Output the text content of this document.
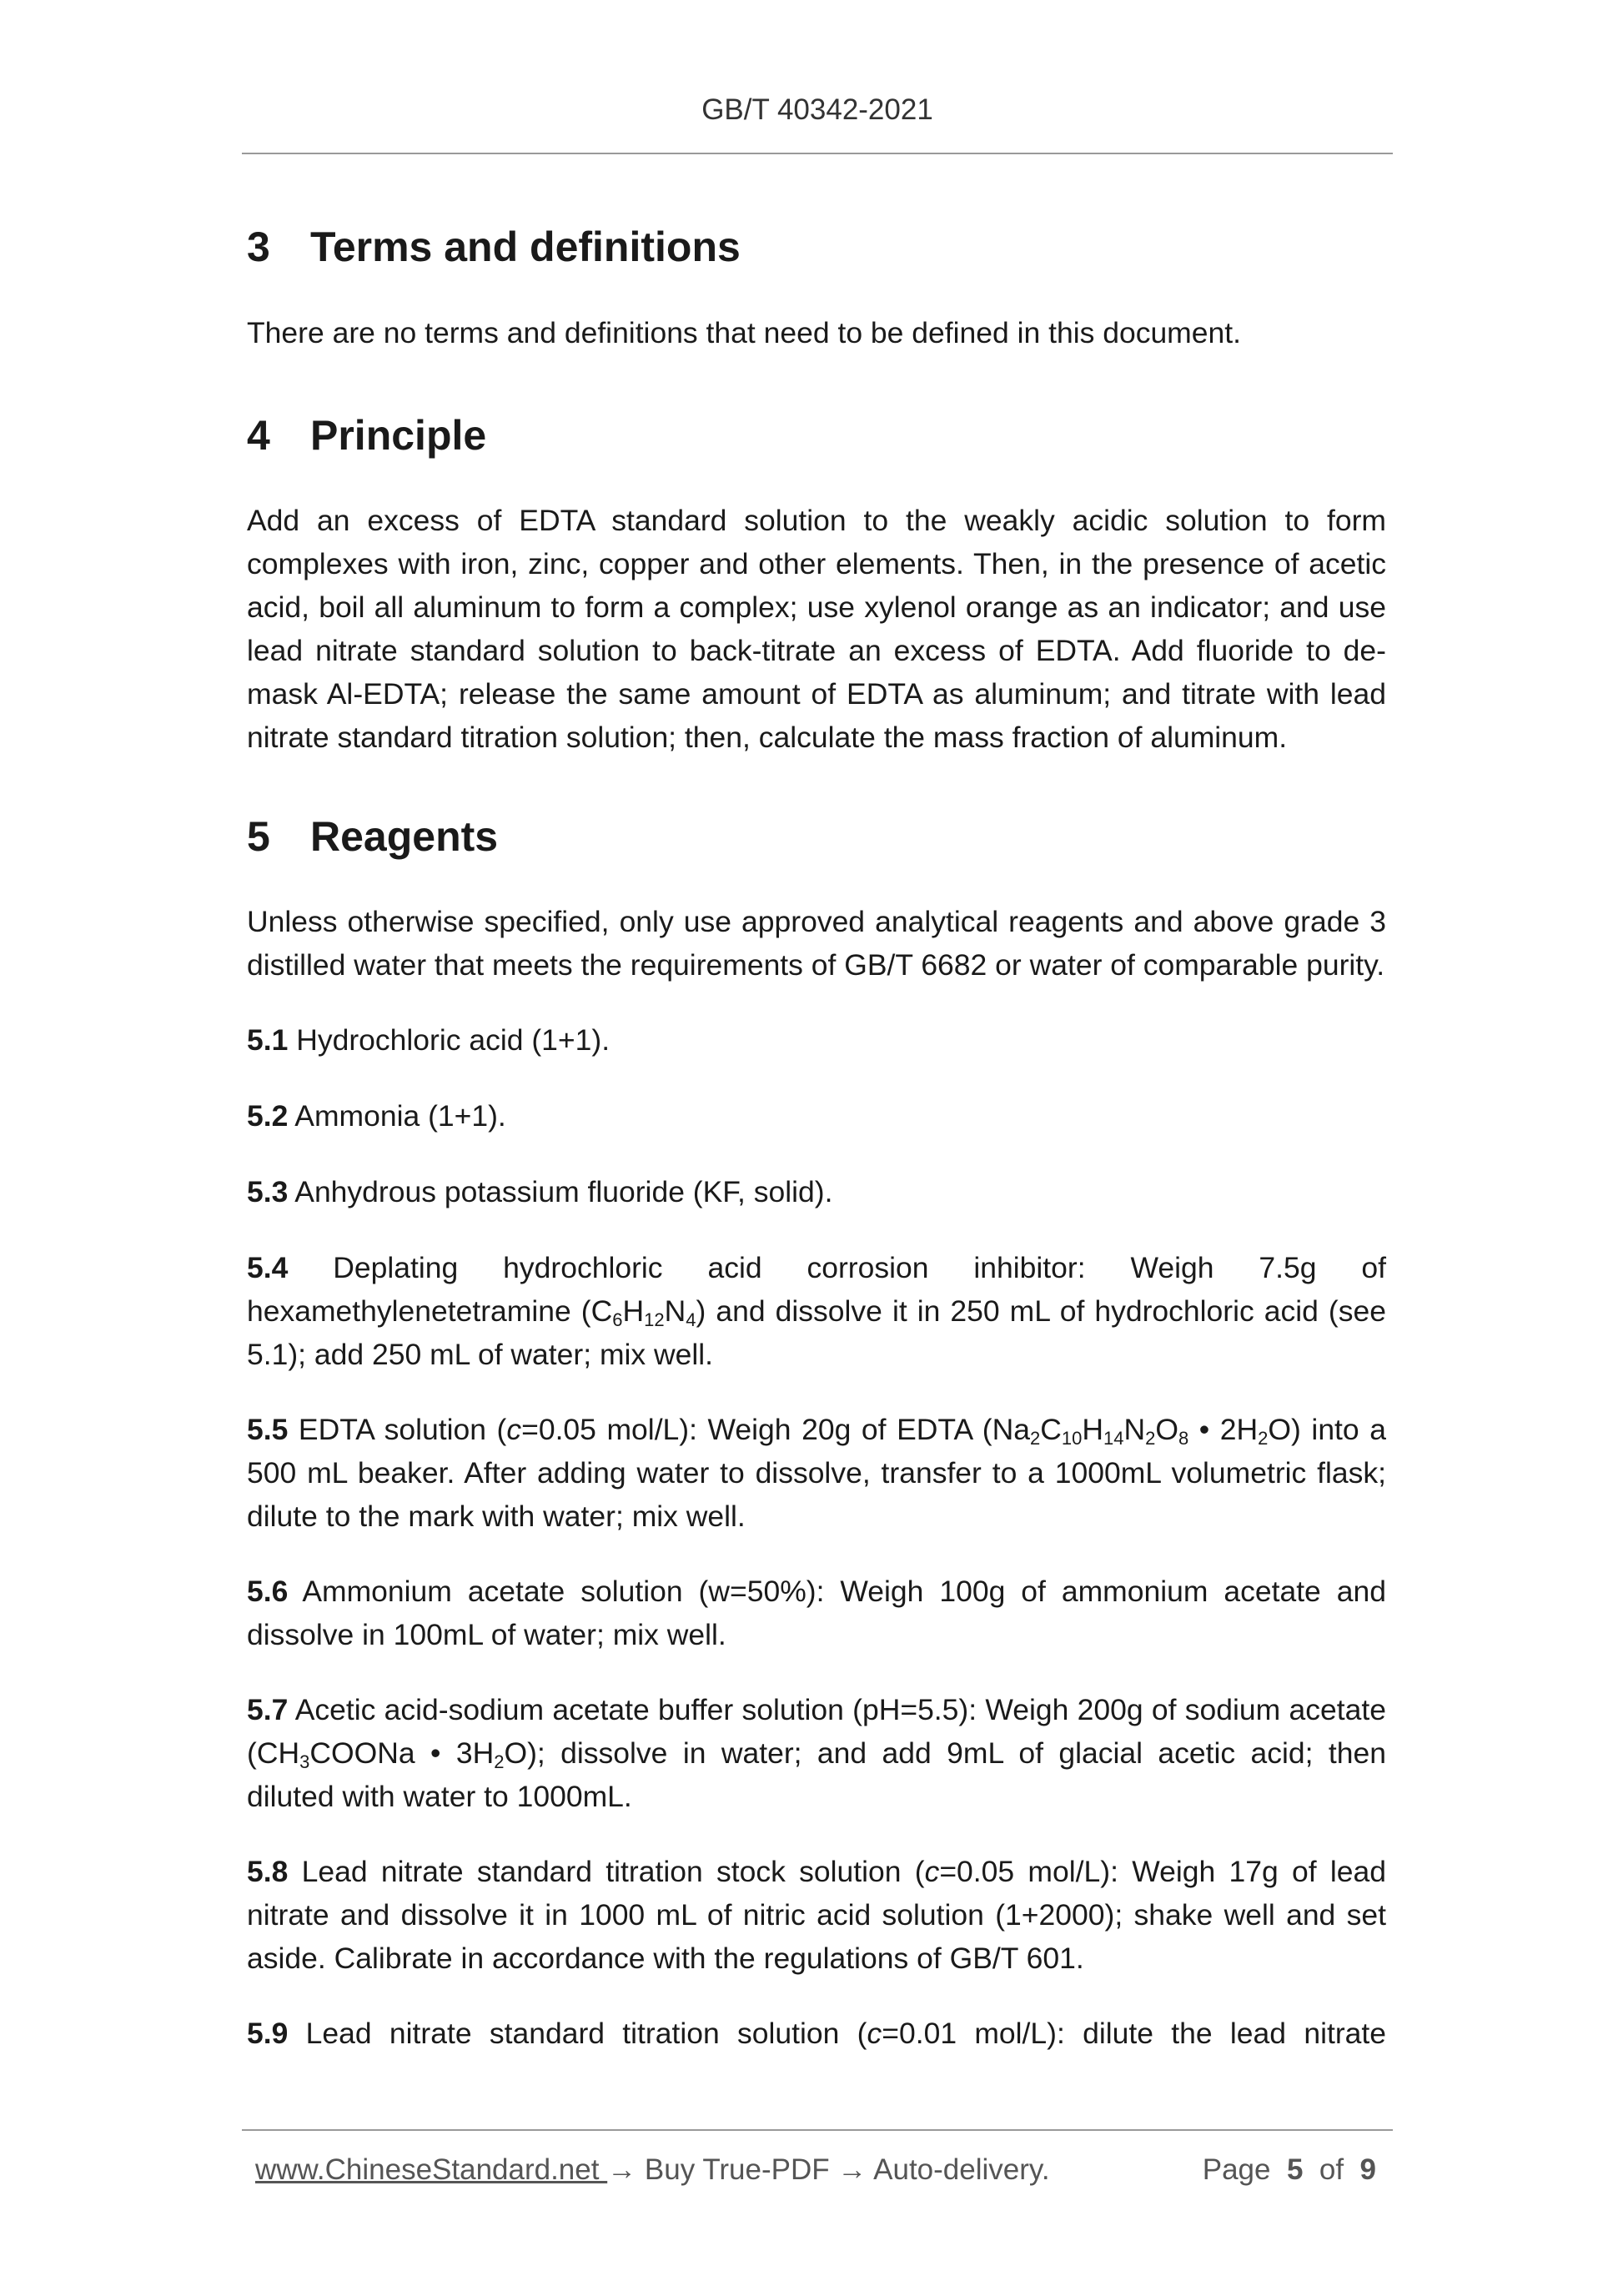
GB/T 40342-2021
3 Terms and definitions

There are no terms and definitions that need to be defined in this document.

4 Principle

Add an excess of EDTA standard solution to the weakly acidic solution to form complexes with iron, zinc, copper and other elements. Then, in the presence of acetic acid, boil all aluminum to form a complex; use xylenol orange as an indicator; and use lead nitrate standard solution to back-titrate an excess of EDTA. Add fluoride to de-mask Al-EDTA; release the same amount of EDTA as aluminum; and titrate with lead nitrate standard titration solution; then, calculate the mass fraction of aluminum.

5 Reagents

Unless otherwise specified, only use approved analytical reagents and above grade 3 distilled water that meets the requirements of GB/T 6682 or water of comparable purity.

5.1 Hydrochloric acid (1+1).

5.2 Ammonia (1+1).

5.3 Anhydrous potassium fluoride (KF, solid).

5.4 Deplating hydrochloric acid corrosion inhibitor: Weigh 7.5g of hexamethylenetetramine $(C_6H_{12}N_4)$ and dissolve it in 250 mL of hydrochloric acid (see 5.1); add 250 mL of water; mix well.

5.5 EDTA solution (c=0.05 mol/L): Weigh 20g of EDTA ($Na_2C_{10}H_{14}N_2O_8$ • $2H_2O$) into a 500 mL beaker. After adding water to dissolve, transfer to a 1000mL volumetric flask; dilute to the mark with water; mix well.

5.6 Ammonium acetate solution (w=50%): Weigh 100g of ammonium acetate and dissolve in 100mL of water; mix well.

5.7 Acetic acid-sodium acetate buffer solution (pH=5.5): Weigh 200g of sodium acetate ($CH_3COONa$ • $3H_2O$); dissolve in water; and add 9mL of glacial acetic acid; then diluted with water to 1000mL.

5.8 Lead nitrate standard titration stock solution (c=0.05 mol/L): Weigh 17g of lead nitrate and dissolve it in 1000 mL of nitric acid solution (1+2000); shake well and set aside. Calibrate in accordance with the regulations of GB/T 601.

5.9 Lead nitrate standard titration solution (c=0.01 mol/L): dilute the lead nitrate

www.ChineseStandard.net → Buy True-PDF → Auto-delivery.	Page 5 of 9
